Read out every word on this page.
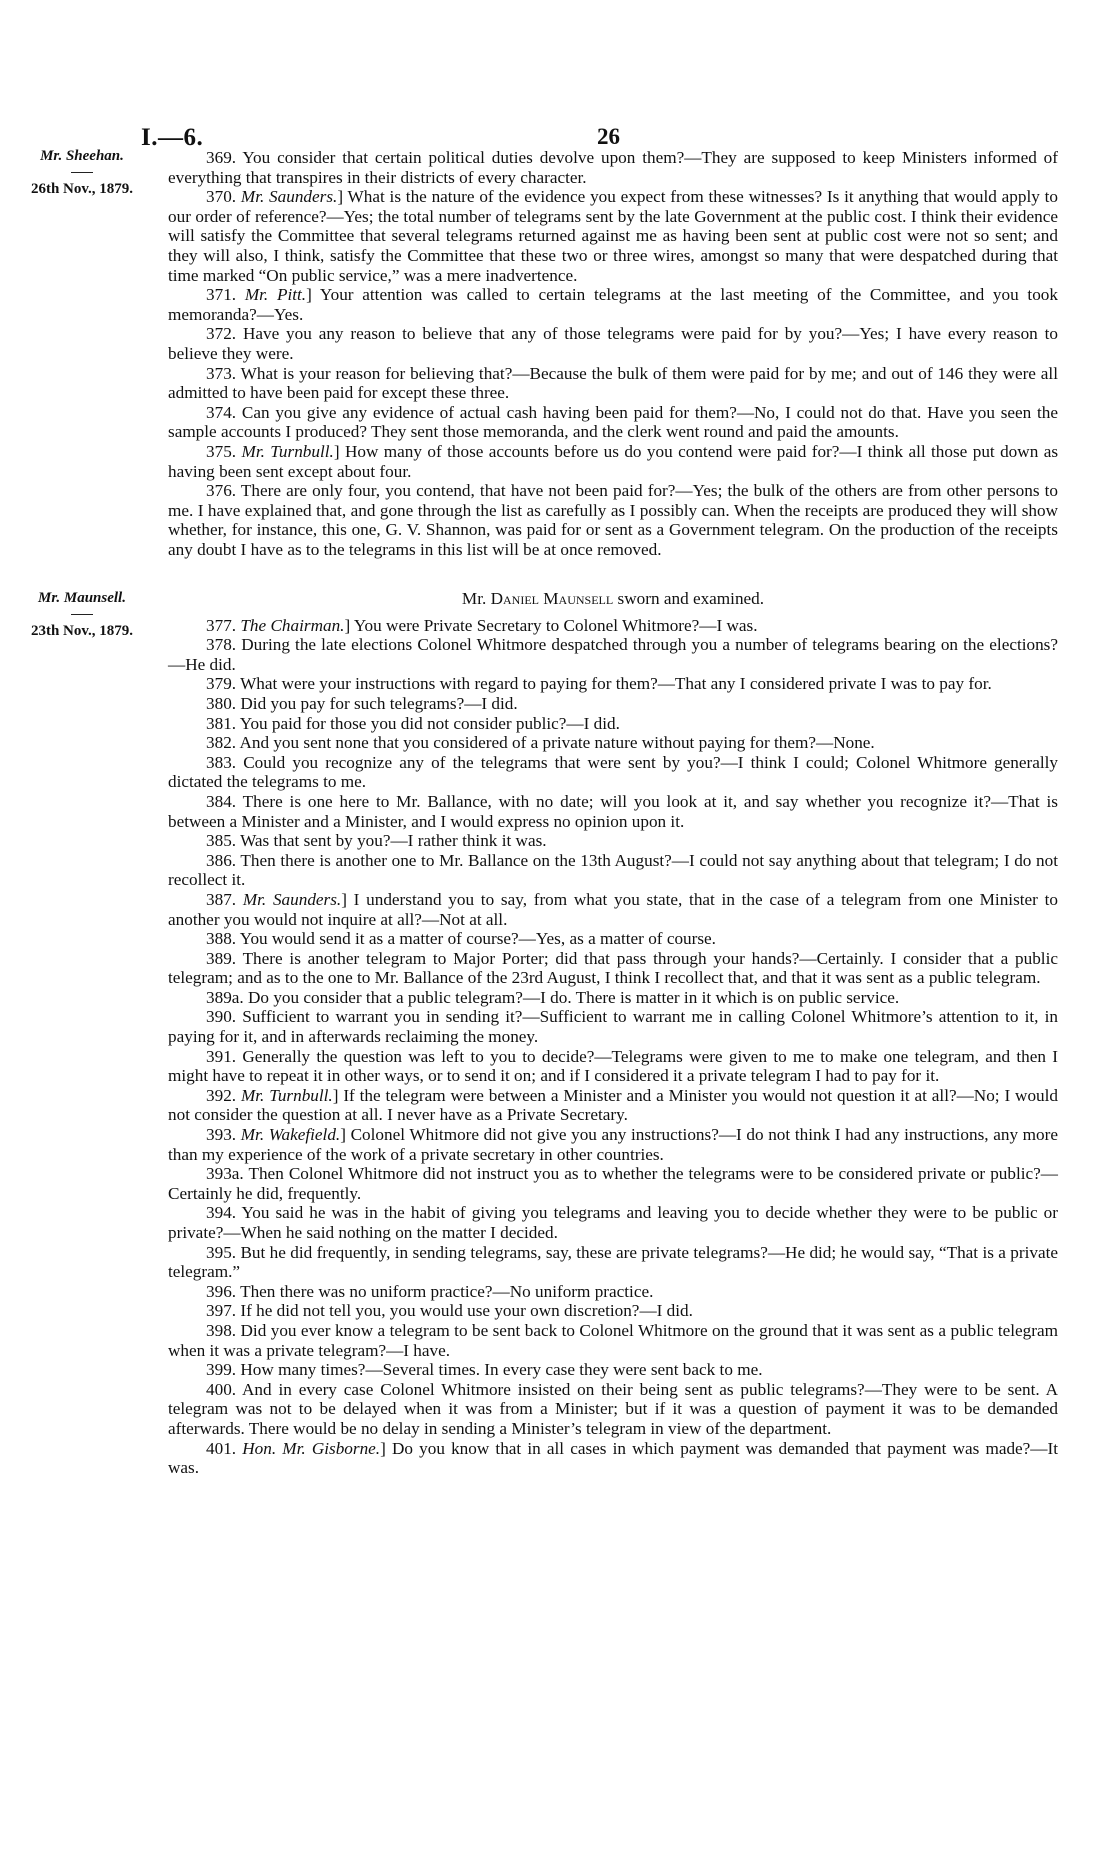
I.—6.	26
Mr. Sheehan.
26th Nov., 1879.
Mr. Maunsell.
23th Nov., 1879.

369. You consider that certain political duties devolve upon them?—They are supposed to keep Ministers informed of everything that transpires in their districts of every character.

370. Mr. Saunders.] What is the nature of the evidence you expect from these witnesses? Is it anything that would apply to our order of reference?—Yes; the total number of telegrams sent by the late Government at the public cost. I think their evidence will satisfy the Committee that several telegrams returned against me as having been sent at public cost were not so sent; and they will also, I think, satisfy the Committee that these two or three wires, amongst so many that were despatched during that time marked “On public service,” was a mere inadvertence.

371. Mr. Pitt.] Your attention was called to certain telegrams at the last meeting of the Committee, and you took memoranda?—Yes.

372. Have you any reason to believe that any of those telegrams were paid for by you?—Yes; I have every reason to believe they were.

373. What is your reason for believing that?—Because the bulk of them were paid for by me; and out of 146 they were all admitted to have been paid for except these three.

374. Can you give any evidence of actual cash having been paid for them?—No, I could not do that. Have you seen the sample accounts I produced? They sent those memoranda, and the clerk went round and paid the amounts.

375. Mr. Turnbull.] How many of those accounts before us do you contend were paid for?—I think all those put down as having been sent except about four.

376. There are only four, you contend, that have not been paid for?—Yes; the bulk of the others are from other persons to me. I have explained that, and gone through the list as carefully as I possibly can. When the receipts are produced they will show whether, for instance, this one, G. V. Shannon, was paid for or sent as a Government telegram. On the production of the receipts any doubt I have as to the telegrams in this list will be at once removed.

Mr. Daniel Maunsell sworn and examined.

377. The Chairman.] You were Private Secretary to Colonel Whitmore?—I was.

378. During the late elections Colonel Whitmore despatched through you a number of telegrams bearing on the elections?—He did.

379. What were your instructions with regard to paying for them?—That any I considered private I was to pay for.

380. Did you pay for such telegrams?—I did.

381. You paid for those you did not consider public?—I did.

382. And you sent none that you considered of a private nature without paying for them?—None.

383. Could you recognize any of the telegrams that were sent by you?—I think I could; Colonel Whitmore generally dictated the telegrams to me.

384. There is one here to Mr. Ballance, with no date; will you look at it, and say whether you recognize it?—That is between a Minister and a Minister, and I would express no opinion upon it.

385. Was that sent by you?—I rather think it was.

386. Then there is another one to Mr. Ballance on the 13th August?—I could not say anything about that telegram; I do not recollect it.

387. Mr. Saunders.] I understand you to say, from what you state, that in the case of a telegram from one Minister to another you would not inquire at all?—Not at all.

388. You would send it as a matter of course?—Yes, as a matter of course.

389. There is another telegram to Major Porter; did that pass through your hands?—Certainly. I consider that a public telegram; and as to the one to Mr. Ballance of the 23rd August, I think I recollect that, and that it was sent as a public telegram.

389a. Do you consider that a public telegram?—I do. There is matter in it which is on public service.

390. Sufficient to warrant you in sending it?—Sufficient to warrant me in calling Colonel Whitmore’s attention to it, in paying for it, and in afterwards reclaiming the money.

391. Generally the question was left to you to decide?—Telegrams were given to me to make one telegram, and then I might have to repeat it in other ways, or to send it on; and if I considered it a private telegram I had to pay for it.

392. Mr. Turnbull.] If the telegram were between a Minister and a Minister you would not question it at all?—No; I would not consider the question at all. I never have as a Private Secretary.

393. Mr. Wakefield.] Colonel Whitmore did not give you any instructions?—I do not think I had any instructions, any more than my experience of the work of a private secretary in other countries.

393a. Then Colonel Whitmore did not instruct you as to whether the telegrams were to be considered private or public?—Certainly he did, frequently.

394. You said he was in the habit of giving you telegrams and leaving you to decide whether they were to be public or private?—When he said nothing on the matter I decided.

395. But he did frequently, in sending telegrams, say, these are private telegrams?—He did; he would say, “That is a private telegram.”

396. Then there was no uniform practice?—No uniform practice.

397. If he did not tell you, you would use your own discretion?—I did.

398. Did you ever know a telegram to be sent back to Colonel Whitmore on the ground that it was sent as a public telegram when it was a private telegram?—I have.

399. How many times?—Several times. In every case they were sent back to me.

400. And in every case Colonel Whitmore insisted on their being sent as public telegrams?—They were to be sent. A telegram was not to be delayed when it was from a Minister; but if it was a question of payment it was to be demanded afterwards. There would be no delay in sending a Minister’s telegram in view of the department.

401. Hon. Mr. Gisborne.] Do you know that in all cases in which payment was demanded that payment was made?—It was.
